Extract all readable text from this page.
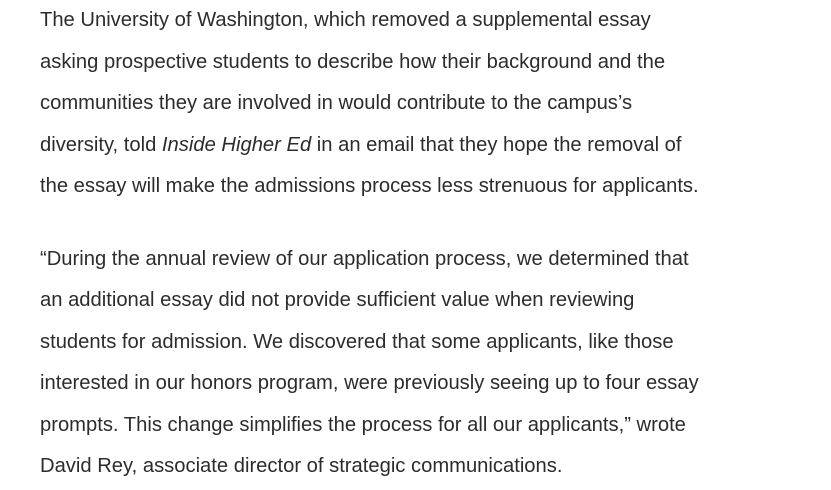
The University of Washington, which removed a supplemental essay
asking prospective students to describe how their background and the
communities they are involved in would contribute to the campus’s
diversity, told Inside Higher Ed in an email that they hope the removal of
the essay will make the admissions process less strenuous for applicants.

“During the annual review of our application process, we determined that
an additional essay did not provide sufficient value when reviewing
students for admission. We discovered that some applicants, like those
interested in our honors program, were previously seeing up to four essay
prompts. This change simplifies the process for all our applicants,” wrote
David Rey, associate director of strategic communications.
